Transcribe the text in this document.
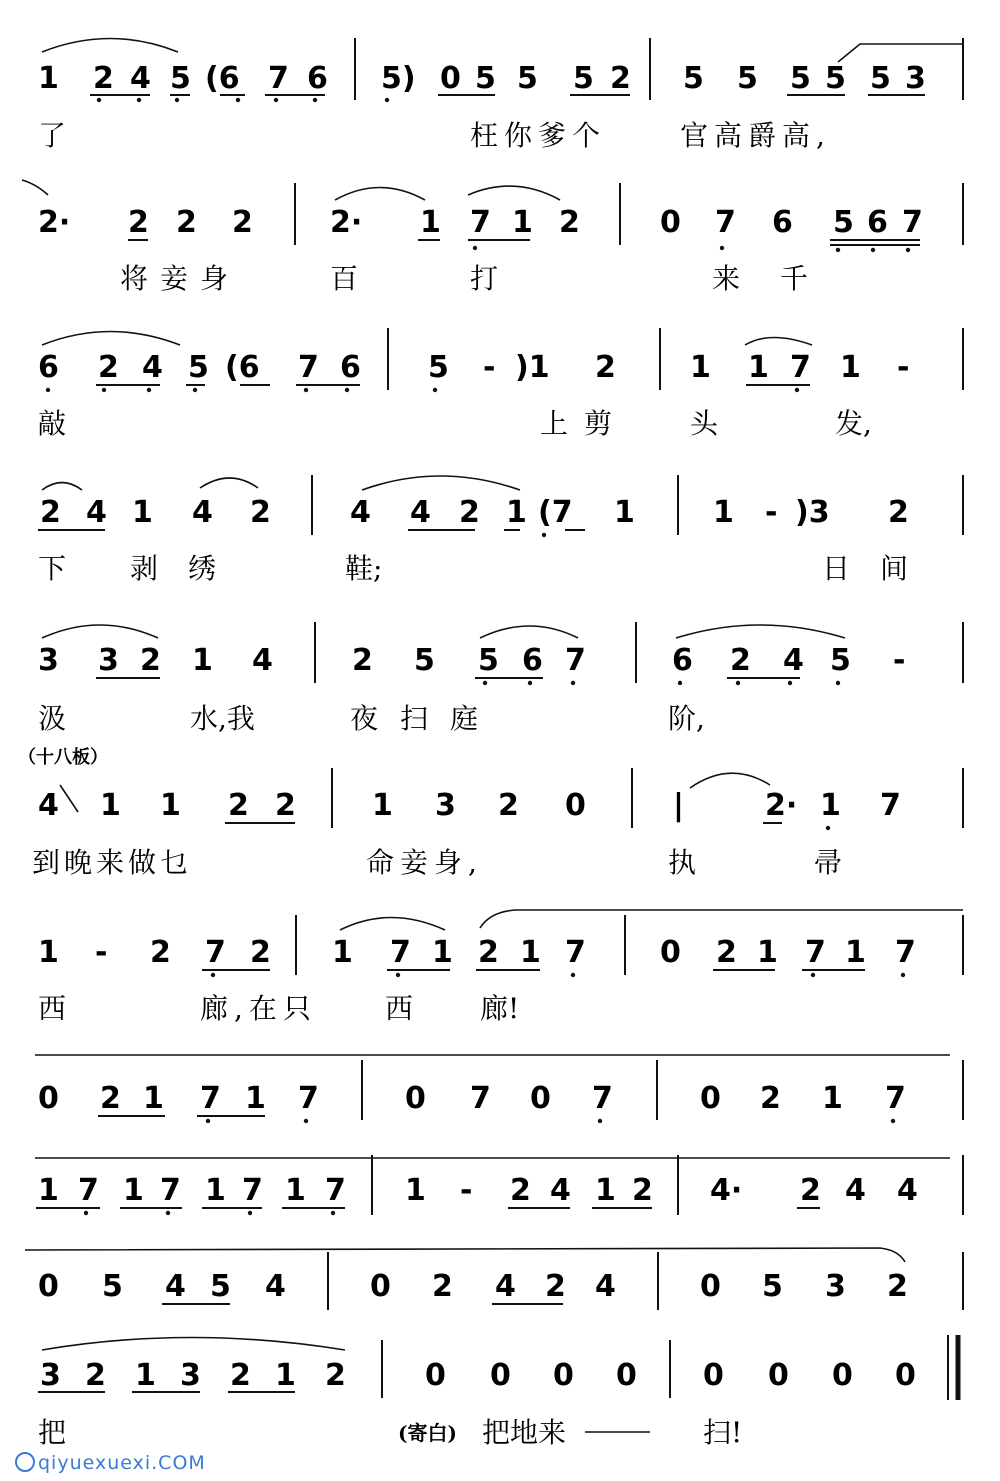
1 2 4 5 (6 7 6 5) 0 5 5 5 2 5 5 5 5 5 3
了	枉你爹个	官高爵高,
2· 2 2 2	2· 1 7 1 2	0 7 6 5 6 7
将妾身	百	打	来千
6 2 4 5 (6 7 6 5 - )1 2 1 1 7 1 -
敲	上剪 头	发,
2 4 1 4 2	4 4 2 1 (7 1	1 - )3 2
下 剥绣	鞋;	日间
3 3 2 1 4	2 5 5 6 7	6 2 4 5 -
汲	水,我	夜扫庭	阶,
（十八板）
4 1 1 2 2	1 3 2 0	|	2· 1 7
到晚来做乜	命妾身,	执	帚
1 - 2 7 2 1 7 1 2 1 7 0 2 1 7 1 7
西	廊,在只 西 廊!
0 2 1 7 1 7	0 7 0 7	0 2 1 7
1 7 1 7 1 7 1 7 1 - 2 4 1 2 4· 2 4 4
0 5 4 5 4	0 2 4 2 4	0 5 3 2
3 2 1 3 2 1 2	0 0 0 0 0 0 0 0
把	(寄白) 把地来	扫!
qiyuexuexi.COM
